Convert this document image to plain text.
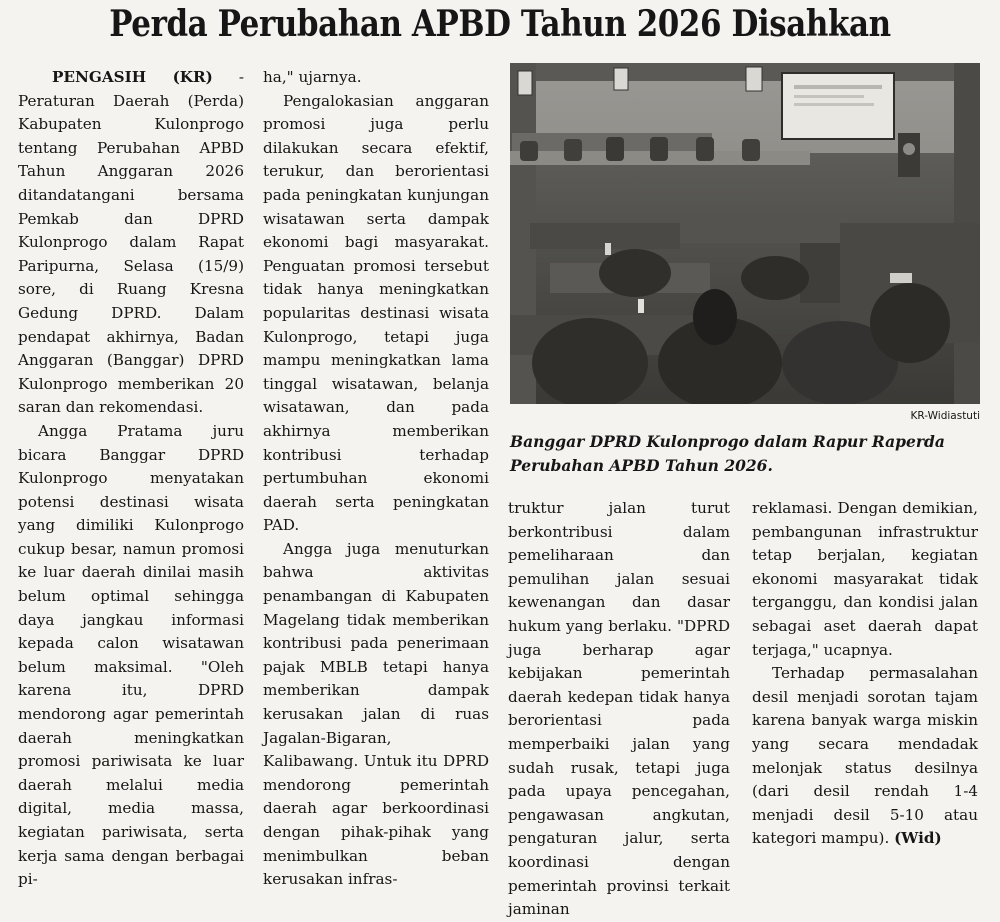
Perda Perubahan APBD Tahun 2026 Disahkan

PENGASIH (KR) -Peraturan Daerah (Perda) Kabupaten Kulonprogo tentang Perubahan APBD Tahun Anggaran 2026 ditandatangani bersama Pemkab dan DPRD Kulonprogo dalam Rapat Paripurna, Selasa (15/9) sore, di Ruang Kresna Gedung DPRD. Dalam pendapat akhirnya, Badan Anggaran (Banggar) DPRD Kulonprogo memberikan 20 saran dan rekomendasi.

Angga Pratama juru bicara Banggar DPRD Kulonprogo menyatakan potensi destinasi wisata yang dimiliki Kulonprogo cukup besar, namun promosi ke luar daerah dinilai masih belum optimal sehingga daya jangkau informasi kepada calon wisatawan belum maksimal. "Oleh karena itu, DPRD mendorong agar pemerintah daerah meningkatkan promosi pariwisata ke luar daerah melalui media digital, media massa, kegiatan pariwisata, serta kerja sama dengan berbagai pi-

ha," ujarnya.

Pengalokasian anggaran promosi juga perlu dilakukan secara efektif, terukur, dan berorientasi pada peningkatan kunjungan wisatawan serta dampak ekonomi bagi masyarakat. Penguatan promosi tersebut tidak hanya meningkatkan popularitas destinasi wisata Kulonprogo, tetapi juga mampu meningkatkan lama tinggal wisatawan, belanja wisatawan, dan pada akhirnya memberikan kontribusi terhadap pertumbuhan ekonomi daerah serta peningkatan PAD.

Angga juga menuturkan bahwa aktivitas penambangan di Kabupaten Magelang tidak memberikan kontribusi pada penerimaan pajak MBLB tetapi hanya memberikan dampak kerusakan jalan di ruas Jagalan-Bigaran, Kalibawang. Untuk itu DPRD mendorong pemerintah daerah agar berkoordinasi dengan pihak-pihak yang menimbulkan beban kerusakan infras-

KR-Widiastuti
Banggar DPRD Kulonprogo dalam Rapur Raperda Perubahan APBD Tahun 2026.

truktur jalan turut berkontribusi dalam pemeliharaan dan pemulihan jalan sesuai kewenangan dan dasar hukum yang berlaku. "DPRD juga berharap agar kebijakan pemerintah daerah kedepan tidak hanya berorientasi pada memperbaiki jalan yang sudah rusak, tetapi juga pada upaya pencegahan, pengawasan angkutan, pengaturan jalur, serta koordinasi dengan pemerintah provinsi terkait jaminan

reklamasi. Dengan demikian, pembangunan infrastruktur tetap berjalan, kegiatan ekonomi masyarakat tidak terganggu, dan kondisi jalan sebagai aset daerah dapat terjaga," ucapnya.

Terhadap permasalahan desil menjadi sorotan tajam karena banyak warga miskin yang secara mendadak melonjak status desilnya (dari desil rendah 1-4 menjadi desil 5-10 atau kategori mampu). (Wid)
